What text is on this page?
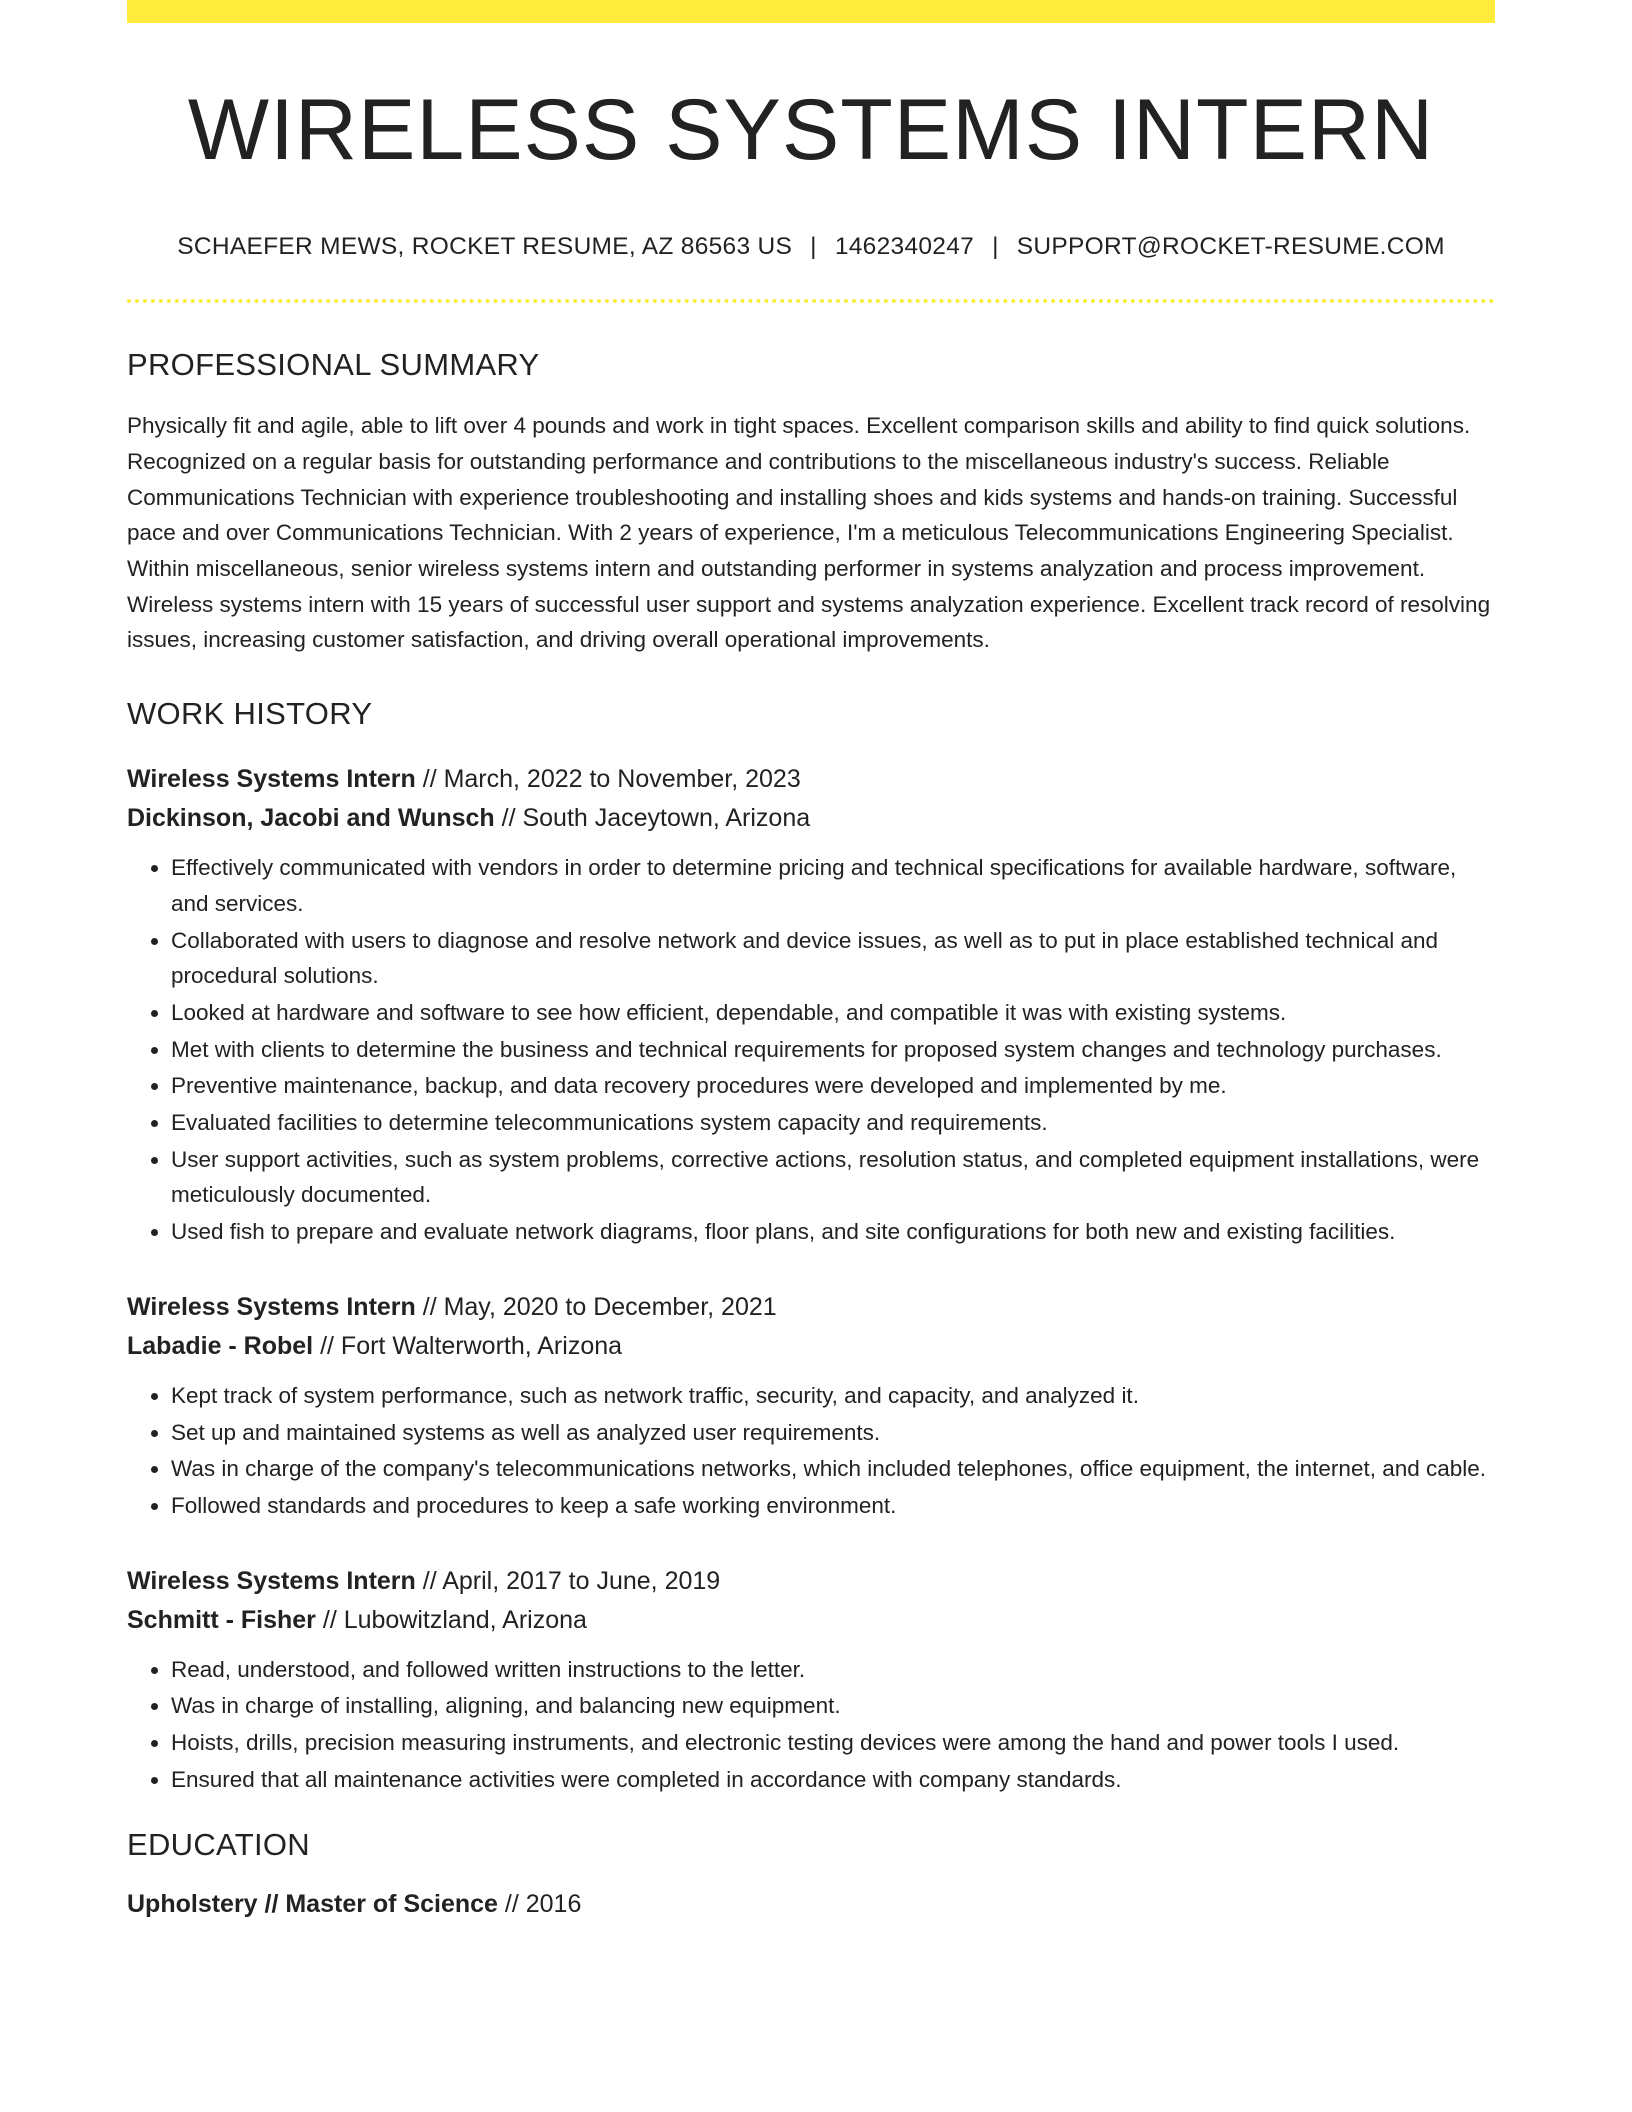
WIRELESS SYSTEMS INTERN
SCHAEFER MEWS, ROCKET RESUME, AZ 86563 US | 1462340247 | SUPPORT@ROCKET-RESUME.COM
PROFESSIONAL SUMMARY

Physically fit and agile, able to lift over 4 pounds and work in tight spaces. Excellent comparison skills and ability to find quick solutions. Recognized on a regular basis for outstanding performance and contributions to the miscellaneous industry's success. Reliable Communications Technician with experience troubleshooting and installing shoes and kids systems and hands-on training. Successful pace and over Communications Technician. With 2 years of experience, I'm a meticulous Telecommunications Engineering Specialist. Within miscellaneous, senior wireless systems intern and outstanding performer in systems analyzation and process improvement. Wireless systems intern with 15 years of successful user support and systems analyzation experience. Excellent track record of resolving issues, increasing customer satisfaction, and driving overall operational improvements.

WORK HISTORY
Wireless Systems Intern // March, 2022 to November, 2023
Dickinson, Jacobi and Wunsch // South Jaceytown, Arizona
• Effectively communicated with vendors in order to determine pricing and technical specifications for available hardware, software, and services.
• Collaborated with users to diagnose and resolve network and device issues, as well as to put in place established technical and procedural solutions.
• Looked at hardware and software to see how efficient, dependable, and compatible it was with existing systems.
• Met with clients to determine the business and technical requirements for proposed system changes and technology purchases.
• Preventive maintenance, backup, and data recovery procedures were developed and implemented by me.
• Evaluated facilities to determine telecommunications system capacity and requirements.
• User support activities, such as system problems, corrective actions, resolution status, and completed equipment installations, were meticulously documented.
• Used fish to prepare and evaluate network diagrams, floor plans, and site configurations for both new and existing facilities.
Wireless Systems Intern // May, 2020 to December, 2021
Labadie - Robel // Fort Walterworth, Arizona
• Kept track of system performance, such as network traffic, security, and capacity, and analyzed it.
• Set up and maintained systems as well as analyzed user requirements.
• Was in charge of the company's telecommunications networks, which included telephones, office equipment, the internet, and cable.
• Followed standards and procedures to keep a safe working environment.
Wireless Systems Intern // April, 2017 to June, 2019
Schmitt - Fisher // Lubowitzland, Arizona
• Read, understood, and followed written instructions to the letter.
• Was in charge of installing, aligning, and balancing new equipment.
• Hoists, drills, precision measuring instruments, and electronic testing devices were among the hand and power tools I used.
• Ensured that all maintenance activities were completed in accordance with company standards.
EDUCATION
Upholstery // Master of Science // 2016
